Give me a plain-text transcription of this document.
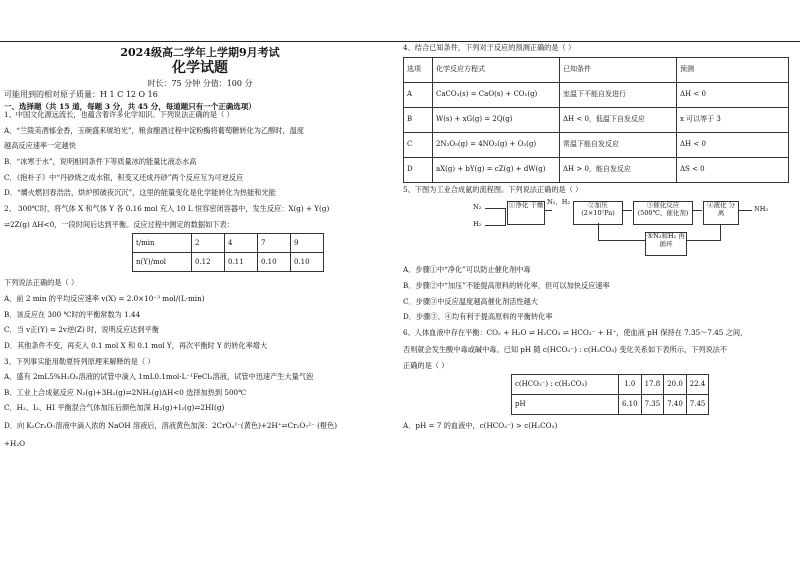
2024级高二学年上学期9月考试
化学试题
时长：75 分钟 分值：100 分
可能用到的相对原子质量：H 1 C 12 O 16
一、选择题（共 15 道，每题 3 分，共 45 分，每道题只有一个正确选项）

1、中国文化源远流长，也蕴含着许多化学知识。下列说法正确的是（ ）

A．“兰陵美酒郁金香，玉碗盛来琥珀光”，粮食酿酒过程中淀粉酶将葡萄糖转化为乙醇时，温度

越高反应速率一定越快

B．“冰寒于水”，说明相同条件下等质量冰的能量比液态水高

C．《抱朴子》中“丹砂烧之成水银，积变又还成丹砂”两个反应互为可逆反应

D．“爝火燃回春浩浩，烘炉照破夜沉沉”，这里的能量变化是化学能转化为热能和光能

2、 300℃时，将气体 X 和气体 Y 各 0.16 mol 充入 10 L 恒容密闭容器中，发生反应：X(g) + Y(g)

⇌2Z(g) ΔH<0，一段时间后达到平衡。反应过程中测定的数据如下表：

t/min	2	4	7	9
n(Y)/mol	0.12	0.11	0.10	0.10

下列说法正确的是（ ）

A．前 2 min 的平均反应速率 v(X) = 2.0×10⁻³ mol/(L·min)

B．该反应在 300 ℃时的平衡常数为 1.44

C．当 v正(Y) = 2v逆(Z) 时，说明反应达到平衡

D．其他条件不变，再充入 0.1 mol X 和 0.1 mol Y，再次平衡时 Y 的转化率增大

3、下列事实能用勒夏特列原理来解释的是（ ）

A．盛有 2mL5%H₂O₂溶液的试管中滴入 1mL0.1mol·L⁻¹FeCl₃溶液，试管中迅速产生大量气泡

B．工业上合成氨反应 N₂(g)+3H₂(g)⇌2NH₃(g)ΔH<0 选择加热到 500℃

C．H₂、I₂、HI 平衡混合气体加压后颜色加深 H₂(g)+I₂(g)⇌2HI(g)

D．向 K₂Cr₂O₇溶液中滴入浓的 NaOH 溶液后，溶液黄色加深：2CrO₄²⁻(黄色)+2H⁺⇌Cr₂O₇²⁻ (橙色)

+H₂O

4、结合已知条件，下列对于反应的预测正确的是（ ）

选项	化学反应方程式	已知条件	预测
A	CaCO₃(s) = CaO(s) + CO₂(g)	室温下不能自发进行	ΔH < 0
B	W(s) + xG(g) = 2Q(g)	ΔH < 0，低温下自发反应	x 可以等于 3
C	2N₂O₅(g) = 4NO₂(g) + O₂(g)	常温下能自发反应	ΔH < 0
D	aX(g) + bY(g) = cZ(g) + dW(g)	ΔH > 0，能自发反应	ΔS < 0

5、下图为工业合成氨的流程图。下列说法正确的是（ ）

N₂
H₂
①净化 干燥 N₂、H₂	②加压 (2×10⁷Pa)
③催化反应 (500℃、催化剂)
④液化 分离	NH₃
⑤N₂和H₂ 再循环

A．步骤①中“净化”可以防止催化剂中毒

B．步骤②中“加压”不能提高原料的转化率，但可以加快反应速率

C．步骤③中反应温度越高催化剂活性越大

D．步骤③、④均有利于提高原料的平衡转化率

6、人体血液中存在平衡：CO₂ + H₂O ⇌ H₂CO₃ ⇌ HCO₃⁻ + H⁺，使血液 pH 保持在 7.35～7.45 之间，

否则就会发生酸中毒或碱中毒。已知 pH 随 c(HCO₃⁻) : c(H₂CO₃) 变化关系如下表所示，下列说法不

正确的是（ ）

c(HCO₃⁻) : c(H₂CO₃)	1.0	17.8	20.0	22.4
pH	6.10	7.35	7.40	7.45

A．pH = 7 的血液中，c(HCO₃⁻) > c(H₂CO₃)
